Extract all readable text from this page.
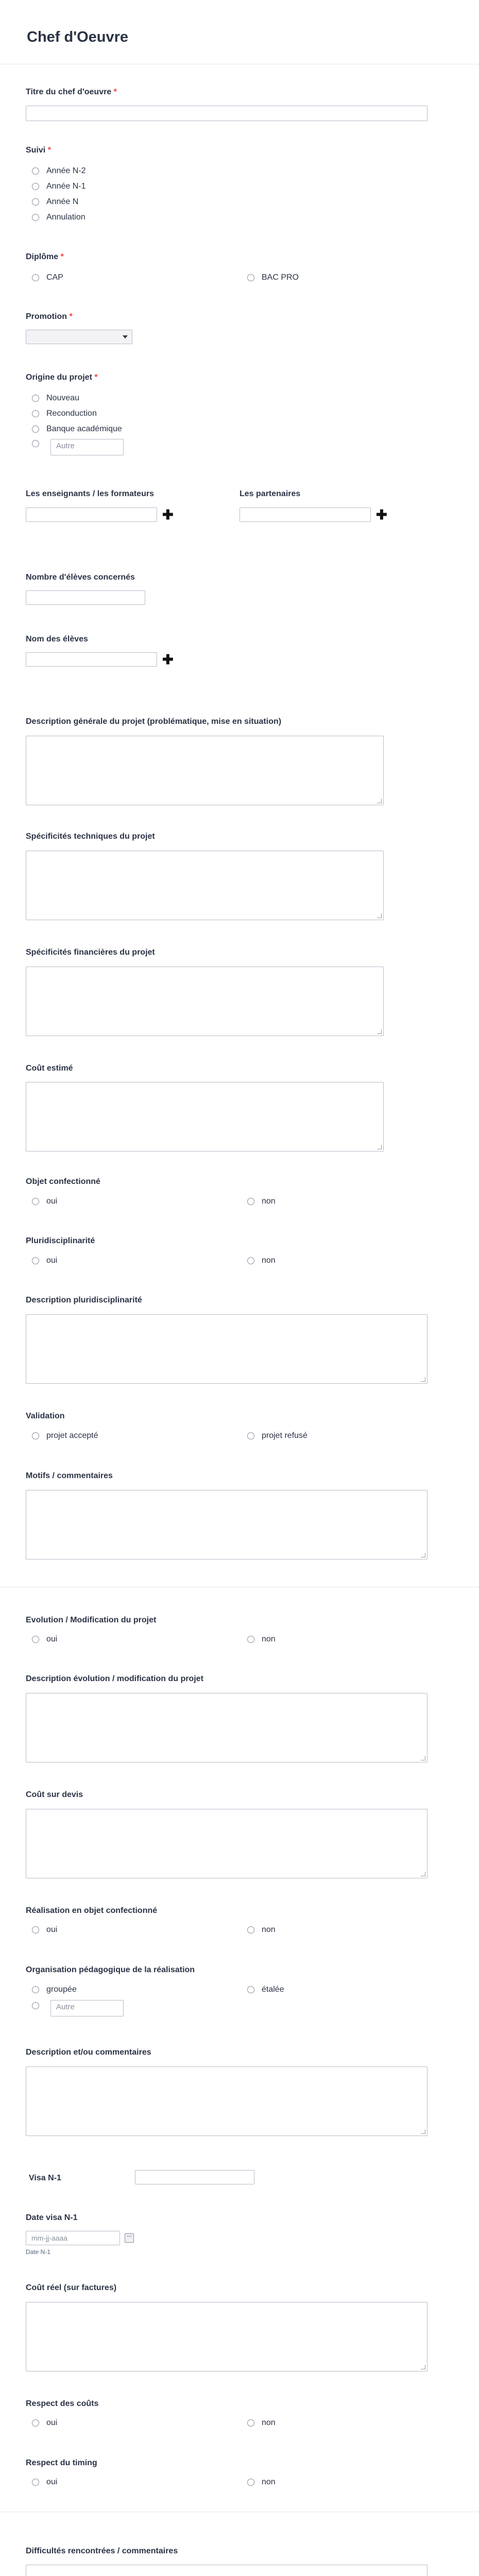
Chef d'Oeuvre
Titre du chef d'oeuvre *
Suivi *
Année N-2
Année N-1
Année N
Annulation
Diplôme *
CAP	BAC PRO
Promotion *
Origine du projet *
Nouveau
Reconduction
Banque académique
Autre
Les enseignants / les formateurs
✚
Les partenaires
✚
Nombre d'élèves concernés
Nom des élèves
✚
Description générale du projet (problématique, mise en situation)
Spécificités techniques du projet
Spécificités financières du projet
Coût estimé
Objet confectionné
oui	non
Pluridisciplinarité
oui	non
Description pluridisciplinarité
Validation
projet accepté	projet refusé
Motifs / commentaires
Evolution / Modification du projet
oui	non
Description évolution / modification du projet
Coût sur devis
Réalisation en objet confectionné
oui	non
Organisation pédagogique de la réalisation
groupée	étalée
Autre
Description et/ou commentaires
Visa N-1
Date visa N-1
mm-jj-aaaa
Date N-1
Coût réel (sur factures)
Respect des coûts
oui	non
Respect du timing
oui	non
Difficultés rencontrées / commentaires
